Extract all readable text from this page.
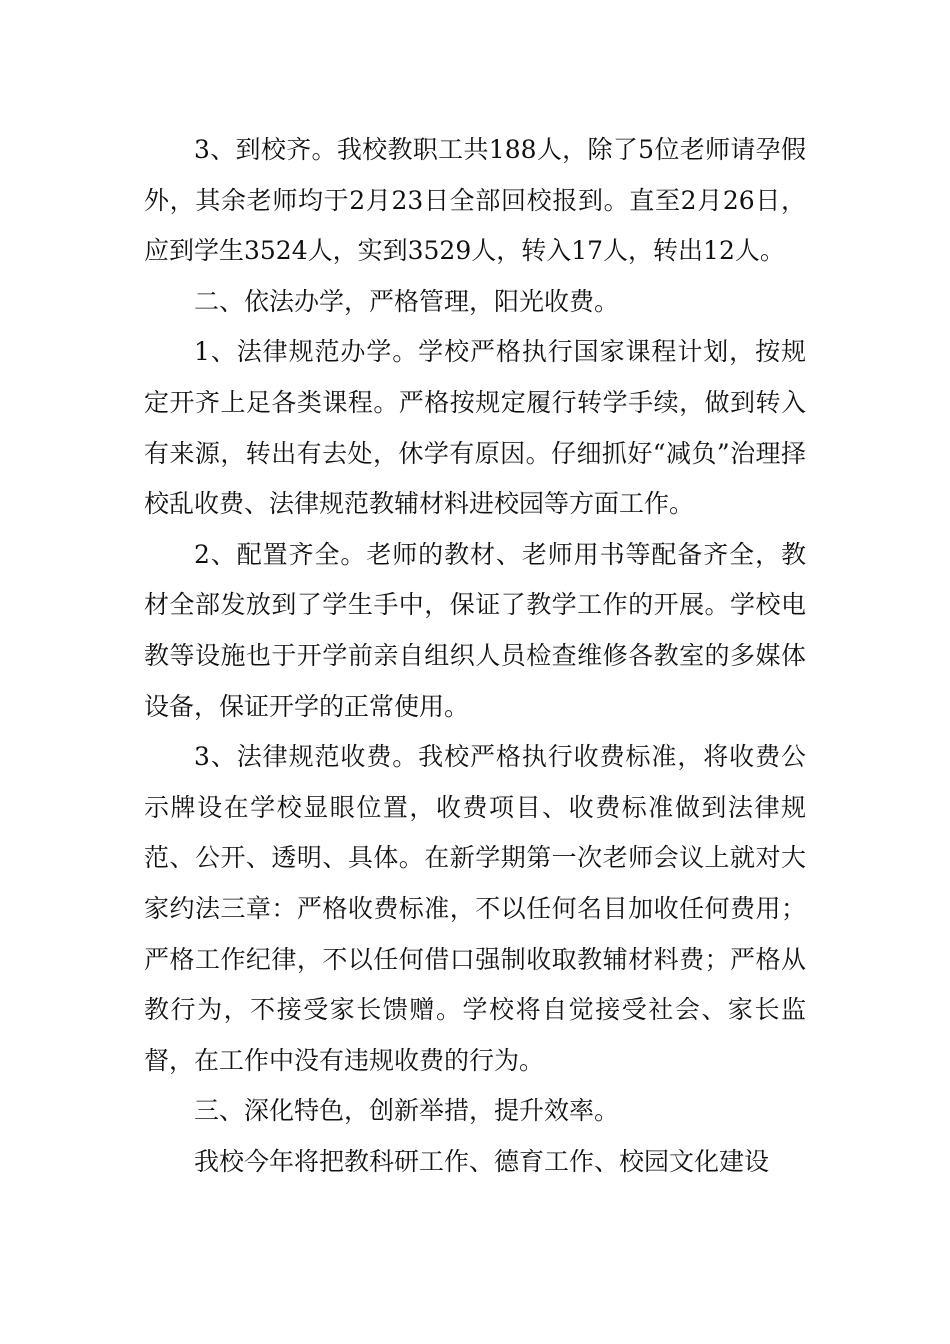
3、到校齐。我校教职工共188人，除了5位老师请孕假外，其余老师均于2月23日全部回校报到。直至2月26日，应到学生3524人，实到3529人，转入17人，转出12人。

二、依法办学，严格管理，阳光收费。

1、法律规范办学。学校严格执行国家课程计划，按规定开齐上足各类课程。严格按规定履行转学手续，做到转入有来源，转出有去处，休学有原因。仔细抓好“减负”治理择校乱收费、法律规范教辅材料进校园等方面工作。

2、配置齐全。老师的教材、老师用书等配备齐全，教材全部发放到了学生手中，保证了教学工作的开展。学校电教等设施也于开学前亲自组织人员检查维修各教室的多媒体设备，保证开学的正常使用。

3、法律规范收费。我校严格执行收费标准，将收费公示牌设在学校显眼位置，收费项目、收费标准做到法律规范、公开、透明、具体。在新学期第一次老师会议上就对大家约法三章：严格收费标准，不以任何名目加收任何费用；严格工作纪律，不以任何借口强制收取教辅材料费；严格从教行为，不接受家长馈赠。学校将自觉接受社会、家长监督，在工作中没有违规收费的行为。

三、深化特色，创新举措，提升效率。

我校今年将把教科研工作、德育工作、校园文化建设
